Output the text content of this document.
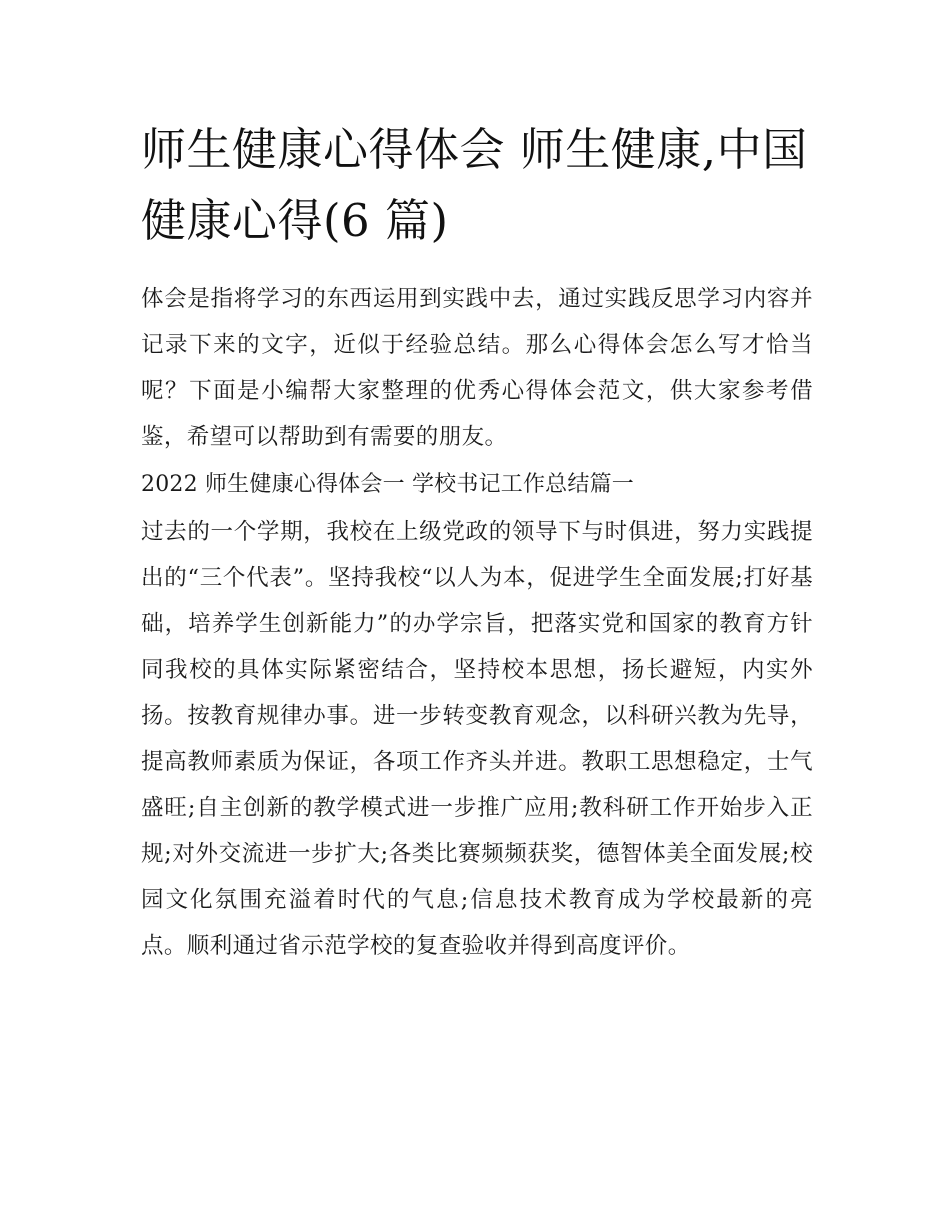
师生健康心得体会 师生健康,中国健康心得(6 篇)

体会是指将学习的东西运用到实践中去，通过实践反思学习内容并记录下来的文字，近似于经验总结。那么心得体会怎么写才恰当呢？下面是小编帮大家整理的优秀心得体会范文，供大家参考借鉴，希望可以帮助到有需要的朋友。

2022 师生健康心得体会一 学校书记工作总结篇一

过去的一个学期，我校在上级党政的领导下与时俱进，努力实践提出的“三个代表”。坚持我校“以人为本，促进学生全面发展;打好基础，培养学生创新能力”的办学宗旨，把落实党和国家的教育方针同我校的具体实际紧密结合，坚持校本思想，扬长避短，内实外扬。按教育规律办事。进一步转变教育观念，以科研兴教为先导，提高教师素质为保证，各项工作齐头并进。教职工思想稳定，士气盛旺;自主创新的教学模式进一步推广应用;教科研工作开始步入正规;对外交流进一步扩大;各类比赛频频获奖，德智体美全面发展;校园文化氛围充溢着时代的气息;信息技术教育成为学校最新的亮点。顺利通过省示范学校的复查验收并得到高度评价。
